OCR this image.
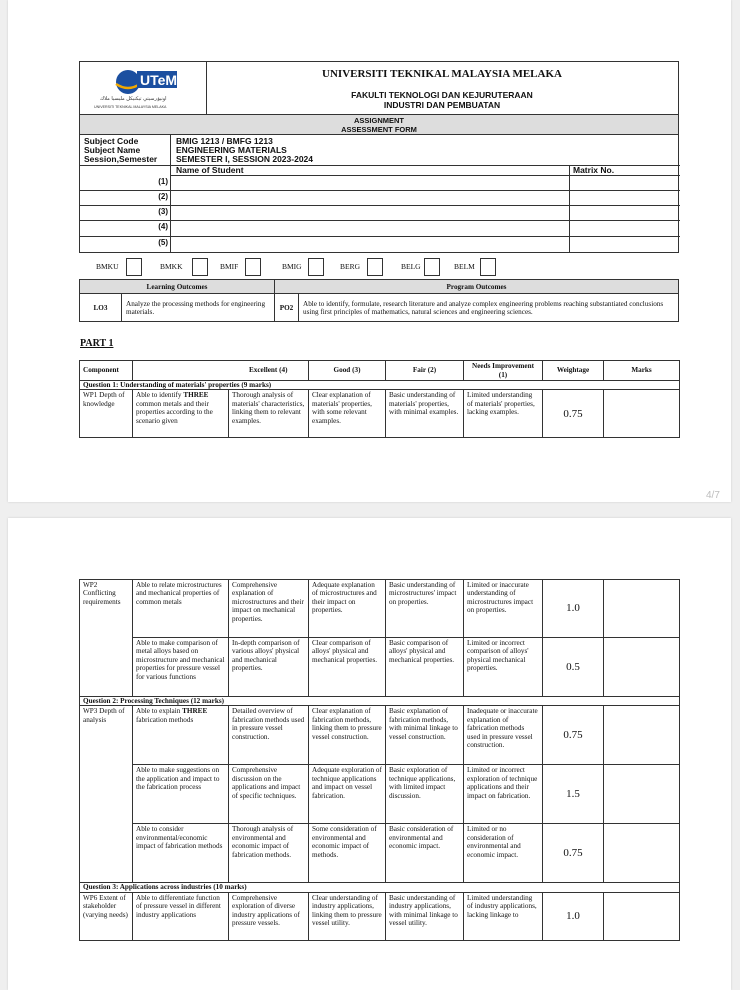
4/7
UTeM
اونيۏرسيتي تيكنيكل مليسيا ملاك
UNIVERSITI TEKNIKAL MALAYSIA MELAKA
UNIVERSITI TEKNIKAL MALAYSIA MELAKA
FAKULTI TEKNOLOGI DAN KEJURUTERAAN
INDUSTRI DAN PEMBUATAN
ASSIGNMENT
ASSESSMENT FORM
Subject Code	BMIG 1213 / BMFG 1213
Subject Name	ENGINEERING MATERIALS
Session,Semester SEMESTER I, SESSION 2023-2024
Name of Student	Matrix No.
(1)
(2)
(3)
(4)
(5)
BMKU	BMKK	BMIF	BMIG	BERG	BELG	BELM
Learning Outcomes		Program Outcomes	
LO3	Analyze the processing methods for engineering materials.	PO2	Able to identify, formulate, research literature and analyze complex engineering problems reaching substantiated conclusions using first principles of mathematics, natural sciences and engineering sciences.
PART 1
Component		Excellent (4)	Good (3)	Fair (2)	Needs Improvement (1)	Weightage	Marks
Question 1: Understanding of materials' properties (9 marks)							
WP1 Depth of knowledge	Able to identify THREE common metals and their properties according to the scenario given	Thorough analysis of materials' characteristics, linking them to relevant examples.	Clear explanation of materials' properties, with some relevant examples.	Basic understanding of materials' properties, with minimal examples.	Limited understanding of materials' properties, lacking examples.	0.75	
WP2 Conflicting requirements	Able to relate microstructures and mechanical properties of common metals	Comprehensive explanation of microstructures and their impact on mechanical properties.	Adequate explanation of microstructures and their impact on properties.	Basic understanding of microstructures' impact on properties.	Limited or inaccurate understanding of microstructures impact on properties.	1.0	
	Able to make comparison of metal alloys based on microstructure and mechanical properties for pressure vessel for various functions	In-depth comparison of various alloys' physical and mechanical properties.	Clear comparison of alloys' physical and mechanical properties.	Basic comparison of alloys' physical and mechanical properties.	Limited or incorrect comparison of alloys' physical mechanical properties.	0.5	
Question 2: Processing Techniques (12 marks)							
WP3 Depth of analysis	Able to explain THREE fabrication methods	Detailed overview of fabrication methods used in pressure vessel construction.	Clear explanation of fabrication methods, linking them to pressure vessel construction.	Basic explanation of fabrication methods, with minimal linkage to vessel construction.	Inadequate or inaccurate explanation of fabrication methods used in pressure vessel construction.	0.75	
	Able to make suggestions on the application and impact to the fabrication process	Comprehensive discussion on the applications and impact of specific techniques.	Adequate exploration of technique applications and impact on vessel fabrication.	Basic exploration of technique applications, with limited impact discussion.	Limited or incorrect exploration of technique applications and their impact on fabrication.	1.5	
	Able to consider environmental/economic impact of fabrication methods	Thorough analysis of environmental and economic impact of fabrication methods.	Some consideration of environmental and economic impact of methods.	Basic consideration of environmental and economic impact.	Limited or no consideration of environmental and economic impact.	0.75	
Question 3: Applications across industries (10 marks)							
WP6 Extent of stakeholder (varying needs)	Able to differentiate function of pressure vessel in different industry applications	Comprehensive exploration of diverse industry applications of pressure vessels.	Clear understanding of industry applications, linking them to pressure vessel utility.	Basic understanding of industry applications, with minimal linkage to vessel utility.	Limited understanding of industry applications, lacking linkage to	1.0	
